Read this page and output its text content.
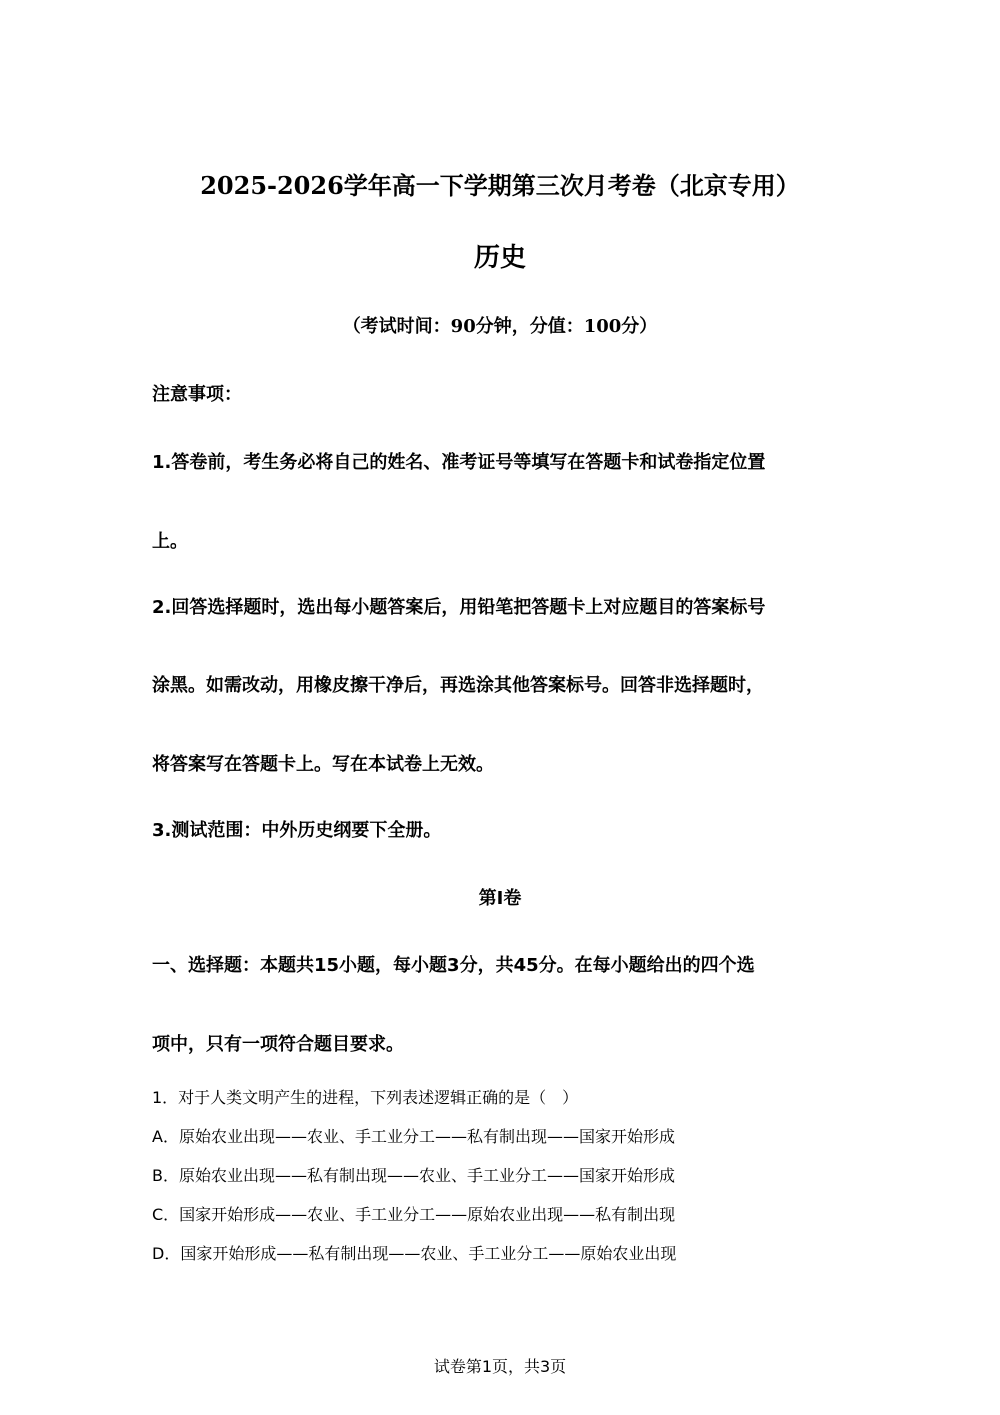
2025-2026学年高一下学期第三次月考卷（北京专用）
历史
（考试时间：90分钟，分值：100分）
注意事项：
1.答卷前，考生务必将自己的姓名、准考证号等填写在答题卡和试卷指定位置
上。
2.回答选择题时，选出每小题答案后，用铅笔把答题卡上对应题目的答案标号
涂黑。如需改动，用橡皮擦干净后，再选涂其他答案标号。回答非选择题时，
将答案写在答题卡上。写在本试卷上无效。
3.测试范围：中外历史纲要下全册。
第Ⅰ卷
一、选择题：本题共15小题，每小题3分，共45分。在每小题给出的四个选
项中，只有一项符合题目要求。
1．对于人类文明产生的进程，下列表述逻辑正确的是（　）
A．原始农业出现——农业、手工业分工——私有制出现——国家开始形成
B．原始农业出现——私有制出现——农业、手工业分工——国家开始形成
C．国家开始形成——农业、手工业分工——原始农业出现——私有制出现
D．国家开始形成——私有制出现——农业、手工业分工——原始农业出现
试卷第1页，共3页
